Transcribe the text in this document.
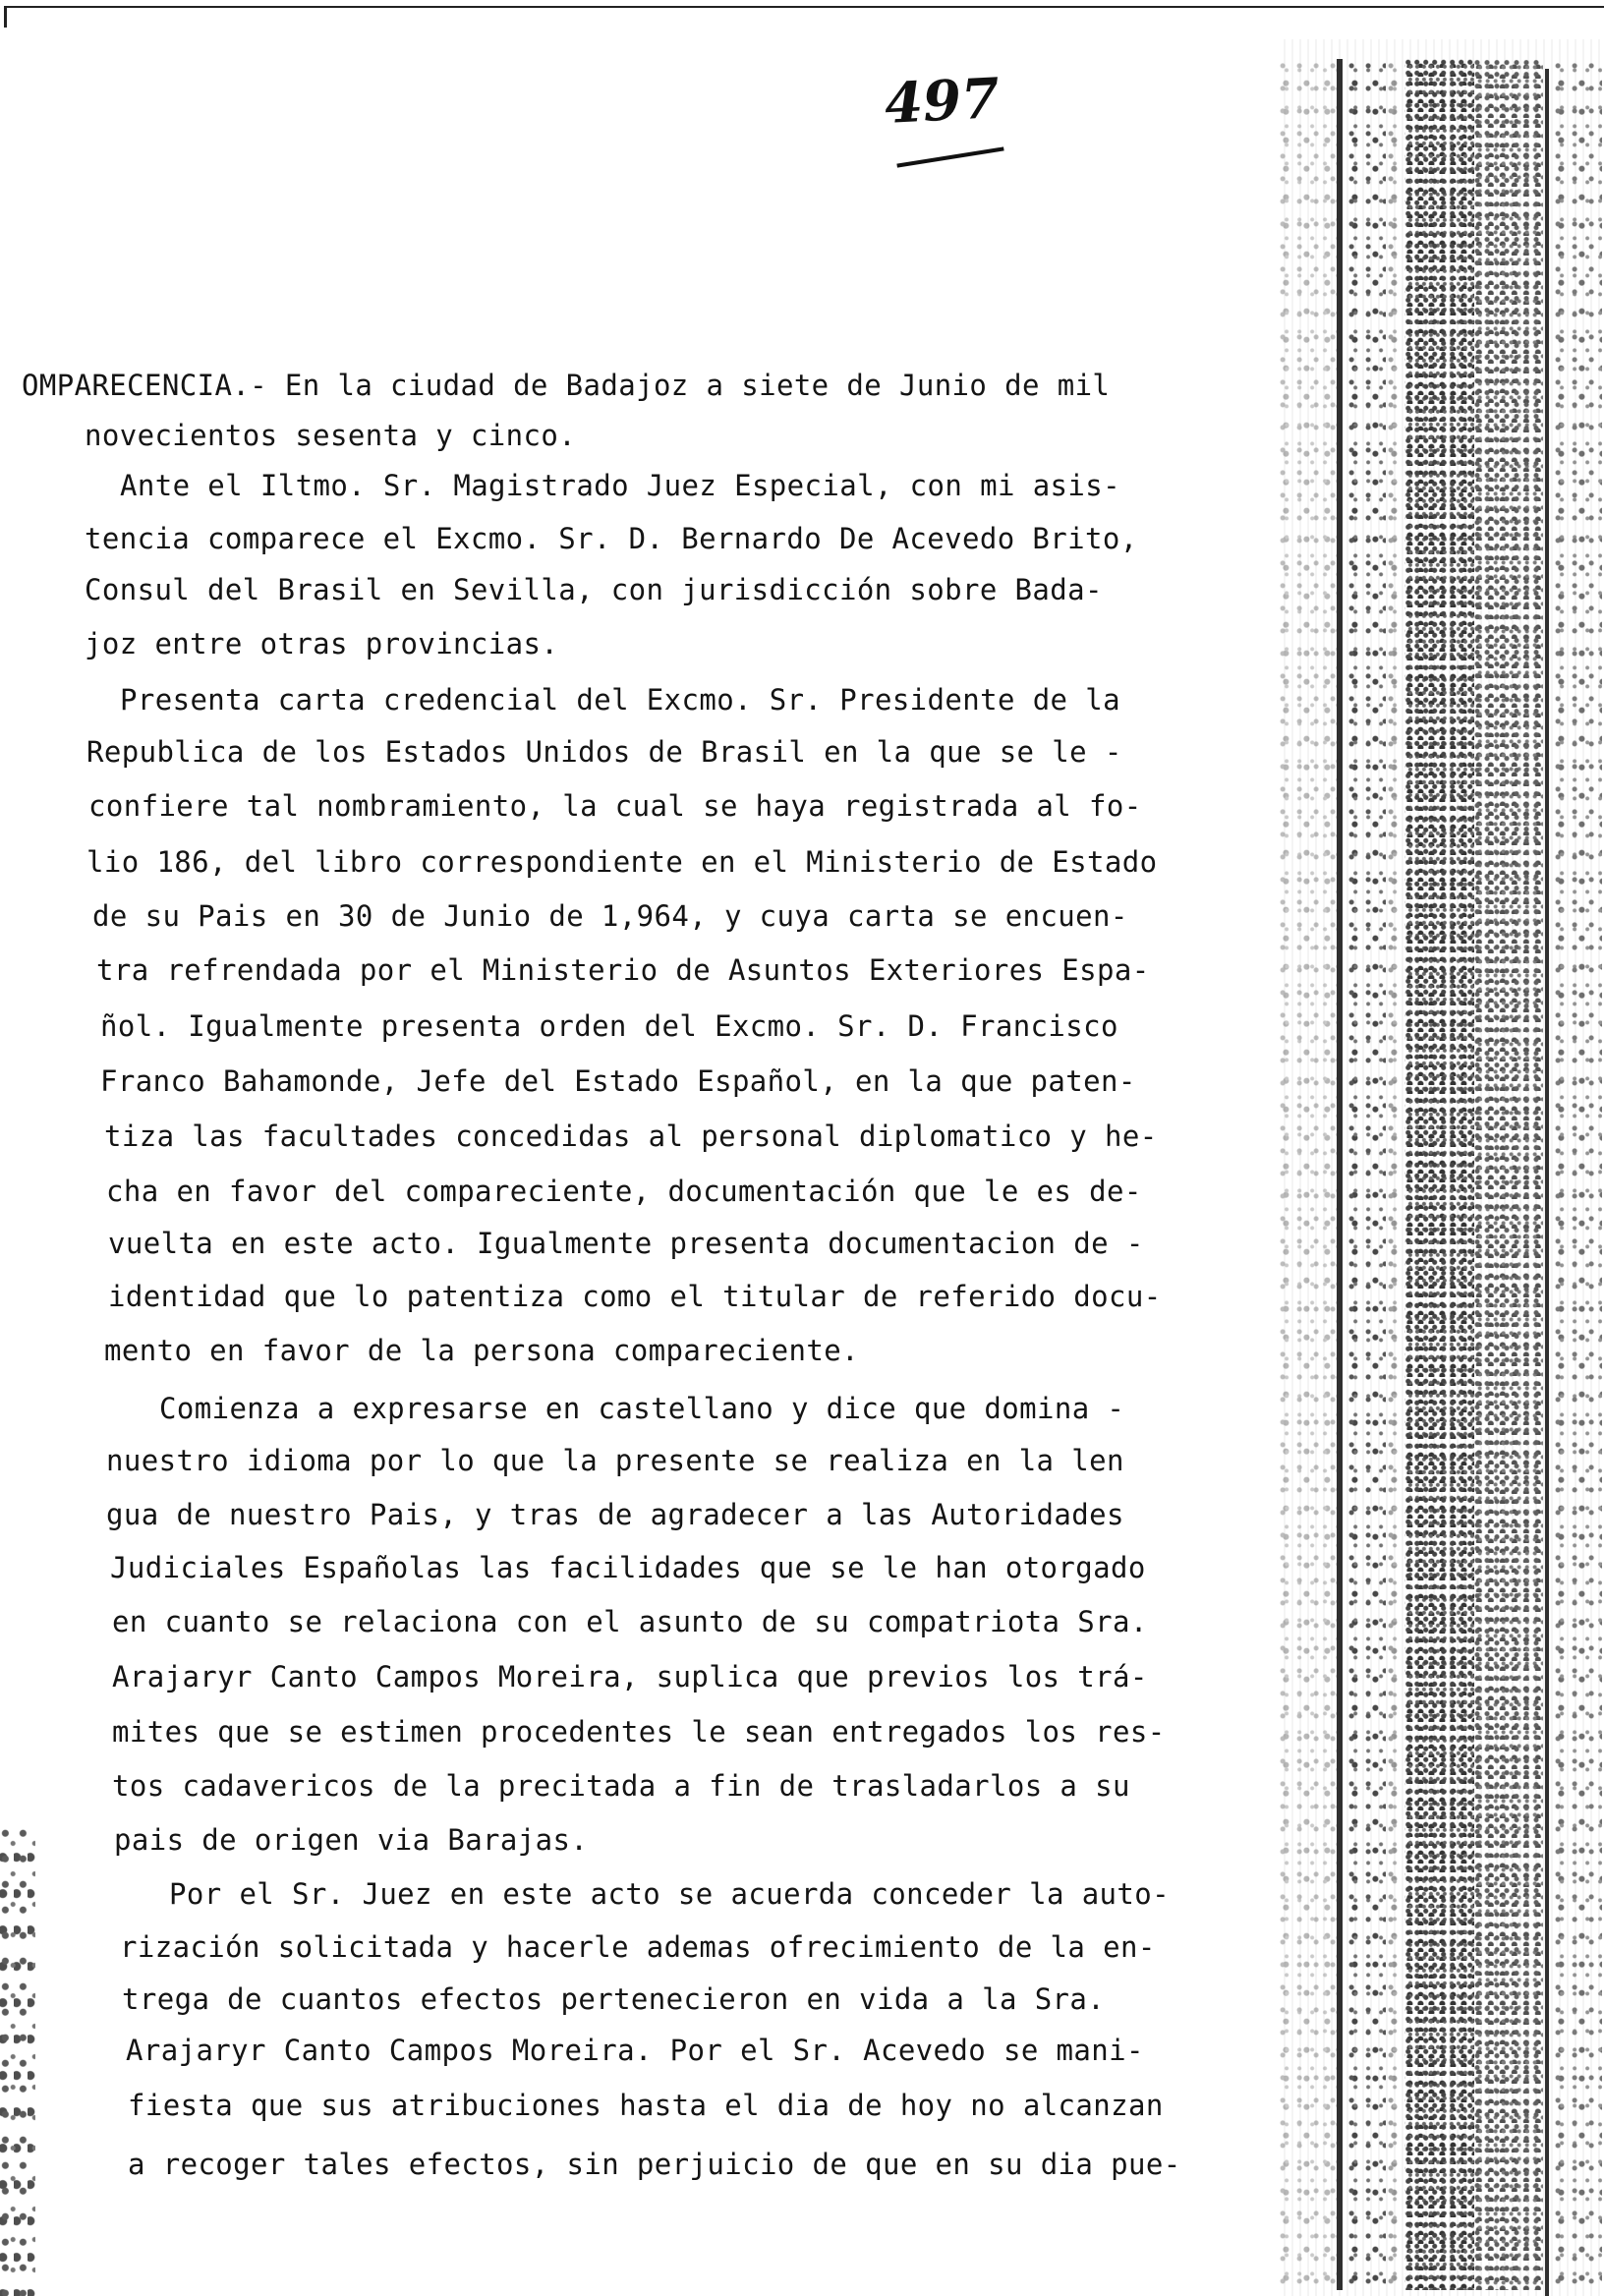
497

OMPARECENCIA.- En la ciudad de Badajoz a siete de Junio de mil

novecientos sesenta y cinco.

Ante el Iltmo. Sr. Magistrado Juez Especial, con mi asis-

tencia comparece el Excmo. Sr. D. Bernardo De Acevedo Brito,

Consul del Brasil en Sevilla, con jurisdicción sobre Bada-

joz entre otras provincias.

Presenta carta credencial del Excmo. Sr. Presidente de la

Republica de los Estados Unidos de Brasil en la que se le -

confiere tal nombramiento, la cual se haya registrada al fo-

lio 186, del libro correspondiente en el Ministerio de Estado

de su Pais en 30 de Junio de 1,964, y cuya carta se encuen-

tra refrendada por el Ministerio de Asuntos Exteriores Espa-

ñol. Igualmente presenta orden del Excmo. Sr. D. Francisco

Franco Bahamonde, Jefe del Estado Español, en la que paten-

tiza las facultades concedidas al personal diplomatico y he-

cha en favor del compareciente, documentación que le es de-

vuelta en este acto. Igualmente presenta documentacion de -

identidad que lo patentiza como el titular de referido docu-

mento en favor de la persona compareciente.

Comienza a expresarse en castellano y dice que domina -

nuestro idioma por lo que la presente se realiza en la len

gua de nuestro Pais, y tras de agradecer a las Autoridades

Judiciales Españolas las facilidades que se le han otorgado

en cuanto se relaciona con el asunto de su compatriota Sra.

Arajaryr Canto Campos Moreira, suplica que previos los trá-

mites que se estimen procedentes le sean entregados los res-

tos cadavericos de la precitada a fin de trasladarlos a su

pais de origen via Barajas.

Por el Sr. Juez en este acto se acuerda conceder la auto-

rización solicitada y hacerle ademas ofrecimiento de la en-

trega de cuantos efectos pertenecieron en vida a la Sra.

Arajaryr Canto Campos Moreira. Por el Sr. Acevedo se mani-

fiesta que sus atribuciones hasta el dia de hoy no alcanzan

a recoger tales efectos, sin perjuicio de que en su dia pue-
